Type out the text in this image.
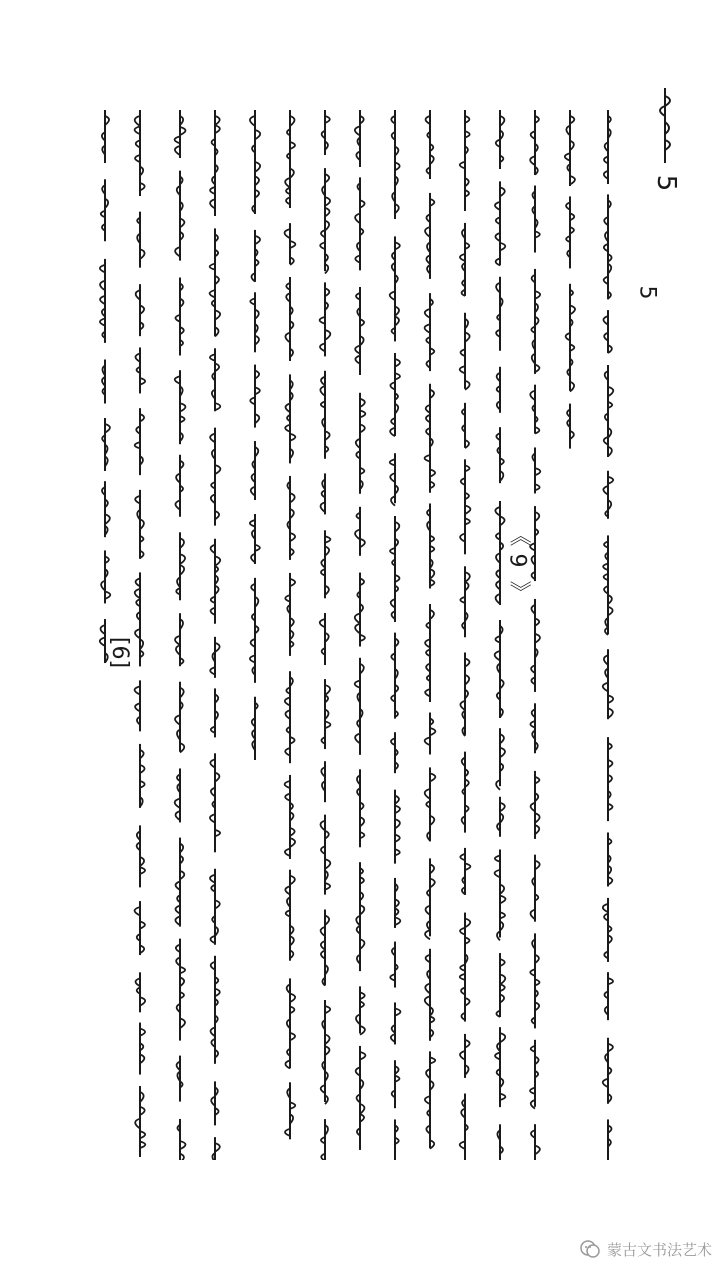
5
5
《
9
》
[6]
蒙古文书法艺术
